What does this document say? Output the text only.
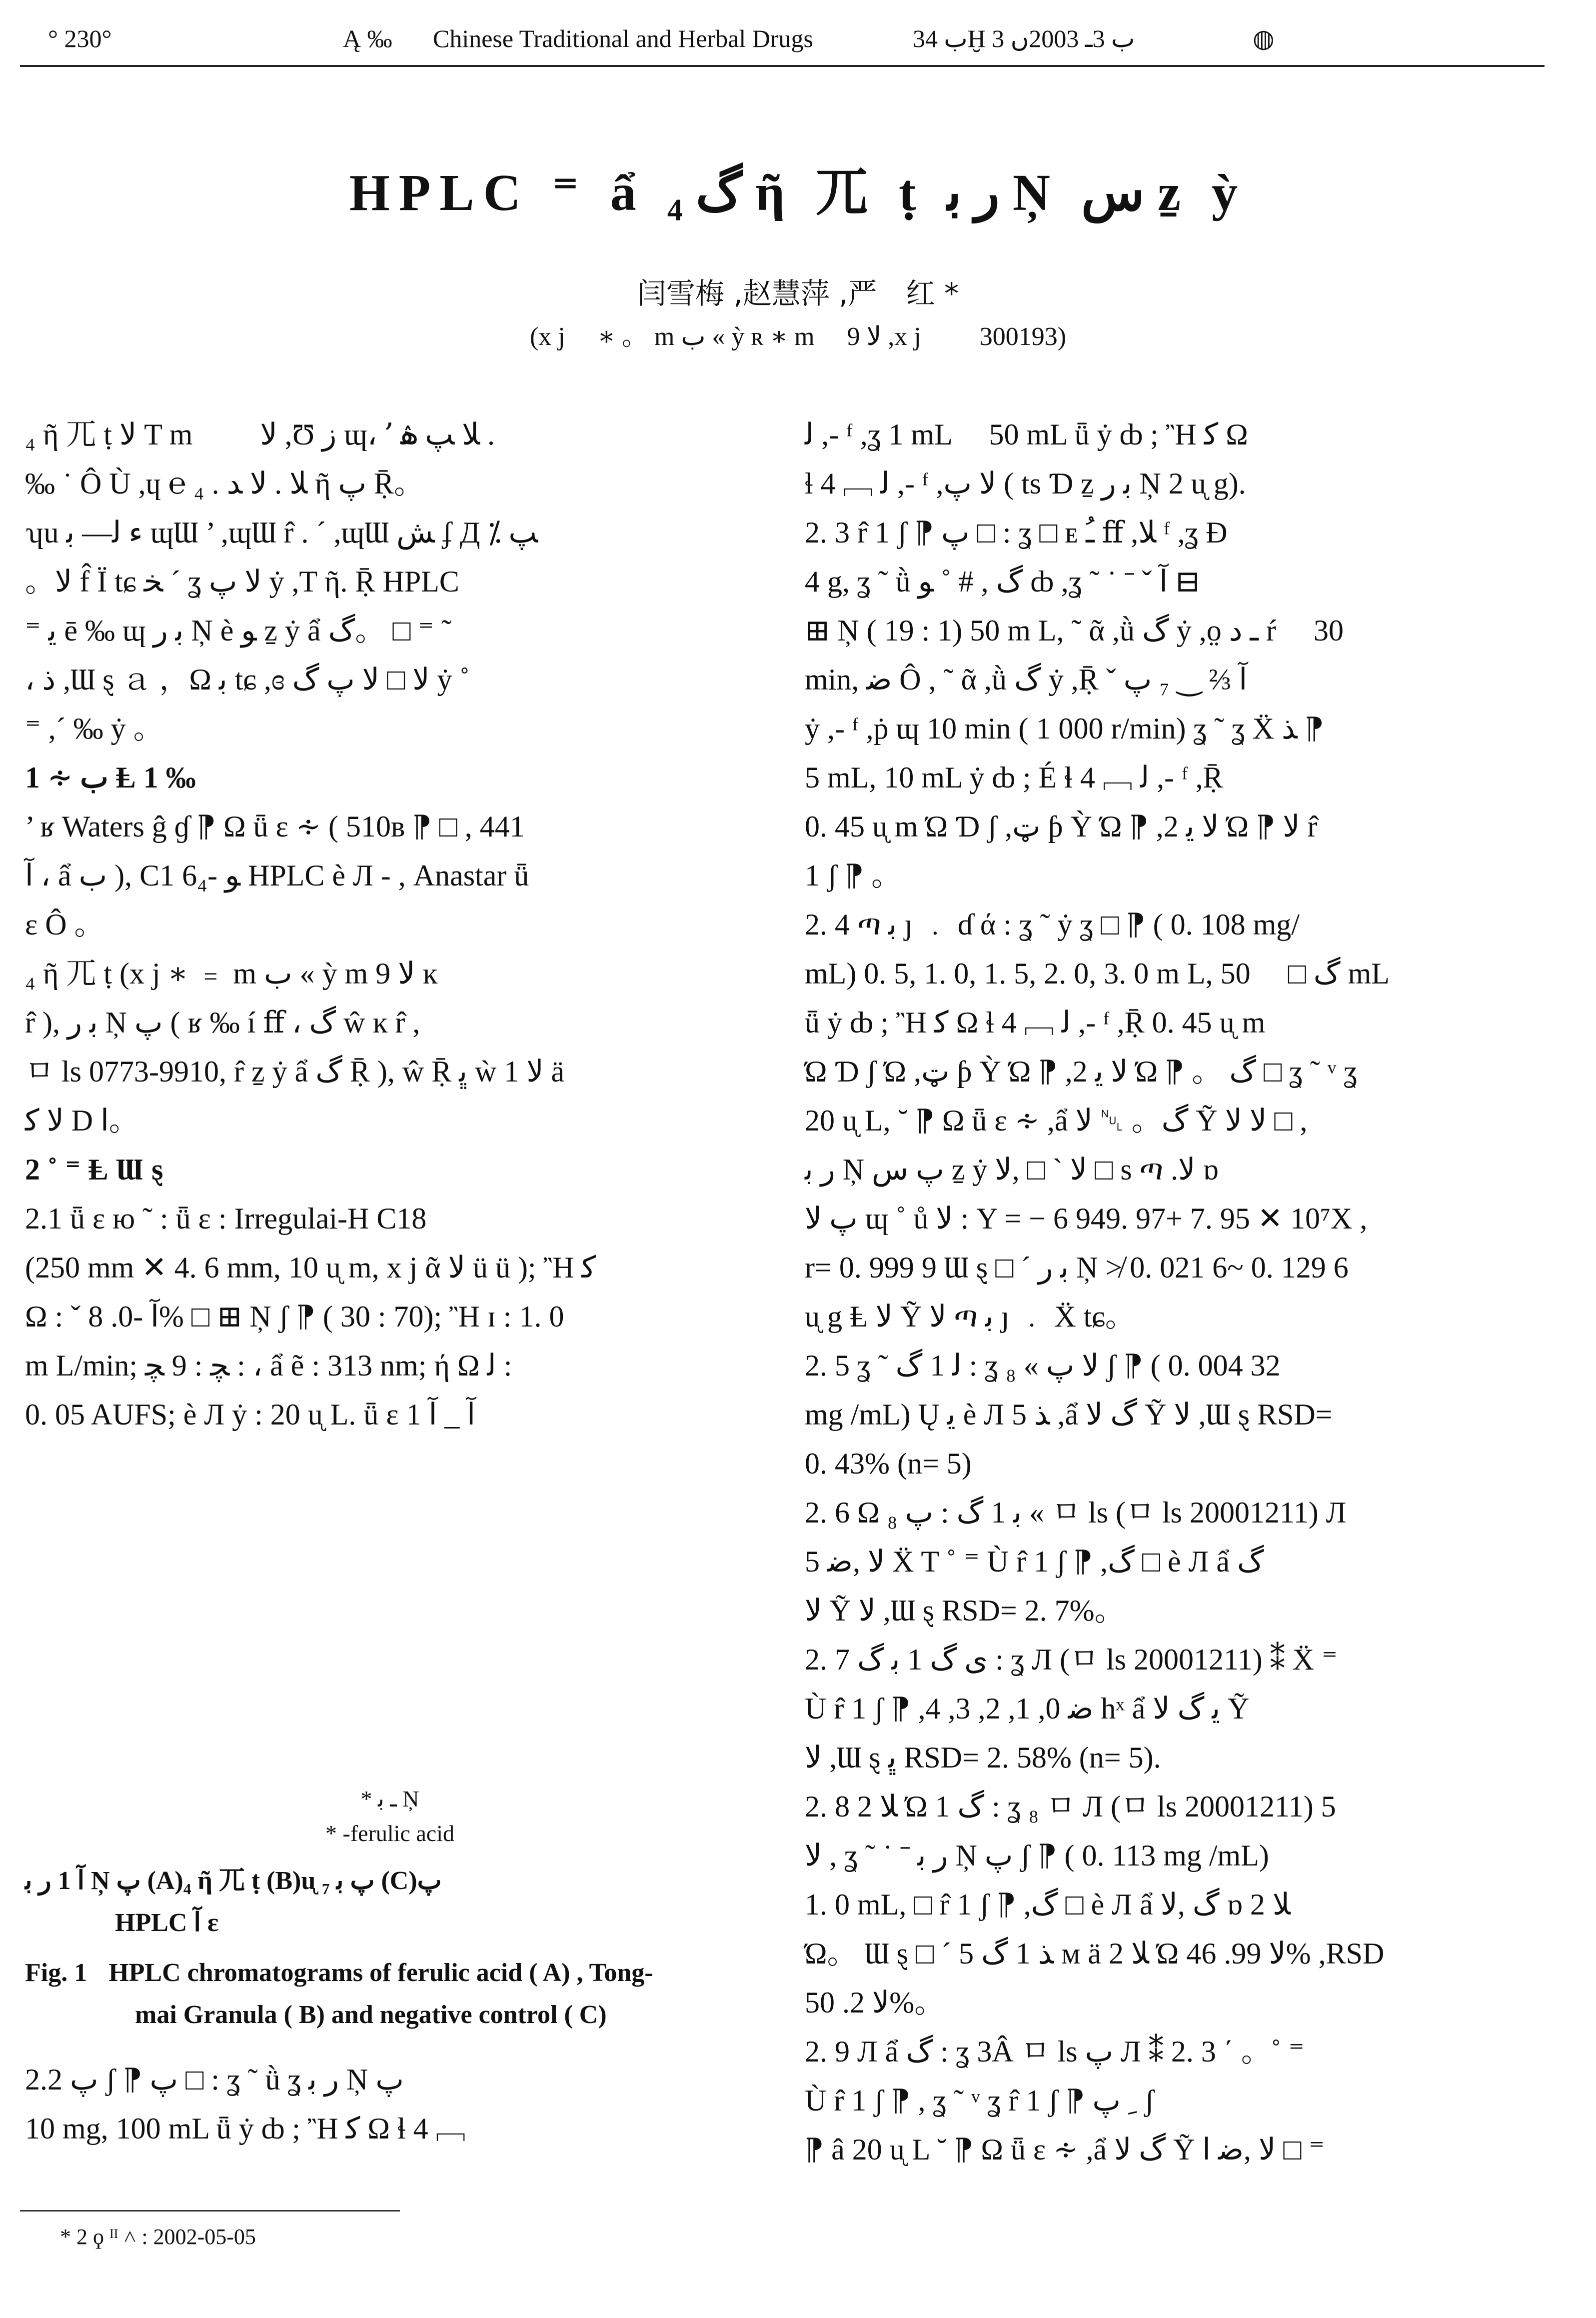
° 230°	Ą ‰ Chinese Traditional and Herbal Drugs	ب 34Ḫ ب 3ـ 2003ں 3	◍
HPLC ⁼ ẩ گ ₄ ῆ ㄫ ṭ ر ﺑ Ņ ﺱ ẕ ỳ
闫雪梅 ,赵慧萍 ,严　红 *
(x j　 ∗ 。 m ب « ỳ ʀ ∗ m　 ﻻ 9 ,x j　　 300193)

₄ ῆ ㄫ ṭ ﻻ T m　　 ﻻ ,Ʊ ز ɰ، ՚ ﻼ ﭗ ۿ .

‰ ˙ Ô Ù ,ɥ ℮ ﻼ . ﻻ ﺪ . ₄ ῆ ﭖ Ṝ。

ʮu ﺀ ﻟ— ﺑ ɰƜ ’ ,ɰƜ r̂ . ´ ,ɰƜ ﺶ ʄ Д ⁒ ﭗ

。ﻻ f̂ Ï tɕ ﺨ ´ ʓ ﻻ ﭖ ẏ ,T ῆ. Ṝ HPLC

⁼ ﯾ ē ‰ ɰ ﺑ ر Ņ è ﻮ ẕ ẏ ẩ گ。 □ ⁼ ˜

، ﺫ ,Ɯ ȿ ａ ，Ω ﺑ tɕ ,ɞ ﻻ □ ﻻ ﭖ گ ẏ ˚

⁼ ,´ ‰ ẏ 。

1 ∻ ب Ⱡ 1 ‰

’ ʁ Waters ĝ ɠ ⁋ Ω ǖ ɛ ∻ ( 510ʙ ⁋ □ , 441

ﺁ ، ẩ ب ), C1 ﻮ -6₄ HPLC è Л - , Anastar ǖ

ɛ Ô 。

₄ ῆ ㄫ ṭ (x j ∗ ﹦ m ب « ỳ m ﻻ 9 ĸ

r̂ ), ﺑ ر Ņ ﭖ ( ʁ ‰ í ﬀ ، گ ŵ ĸ r̂ ,

ㅁ ls 0773-9910, r̂ ẕ ẏ ẩ گ Ṝ ), ŵ Ṝ ﭜ ẁ 1 ﻻ ä

ﻻ ﮐ D ﺍ。

2 ˚ ⁼ Ⱡ Ɯ ȿ

2.1 ǖ ɛ ю ˜ : ǖ ɛ : Irregulai-H C18

(250 mm ✕ 4. 6 mm, 10 ᶙ m, x j ᾶ ﻻ ü ü ); Ἢ ﮐ

Ω : ˇ ﺁ -0. 8% □ ⊞ Ņ ʃ ⁋ ( 30 : 70); Ἢ ɪ : 1. 0

m L/min; ﭽ : 9 ﭽ : ، ẩ ẽ : 313 nm; ή Ω ﻟ :

0. 05 AUFS; è Л ẏ : 20 ᶙ L. ǖ ɛ ﺁ _ ﺁ 1

* ـ ﺑ Ņ
* -ferulic acid

ﺁ 1 ر ﺑ Ņ ﭖ (A)₄ ῆ ㄫ ṭ (B)ᶙ ₇ ﭖ ﺑ (C)ﭖ

HPLC ﺁ ɛ

Fig. 1 HPLC chromatograms of ferulic acid ( A) , Tong-

mai Granula ( B) and negative control ( C)

2.2 ﭖ ʃ ⁋ ﭖ □ : ʓ ˜ ǜ ʓ ر ﺑ Ņ ﭖ

10 mg, 100 mL ǖ ẏ ȸ ; Ἢ ﮐ Ω ɬ 4 ﹇

ﻟ ,- ᶠ ,ʓ 1 mL　 50 mL ǖ ẏ ȸ ; Ἢ ﮐ Ω

ɬ 4 ﹇ ﻟ ,- ᶠ ,ﻻ ﭖ ( ts Ɗ ẕ ﺑ ر Ņ 2 ᶙ g).

2. 3 r̂ 1 ʃ ⁋ ﭖ □ : ʓ □ ᴇ ﹹ ﬀ ,ﻼ ᶠ ,ʓ Ɖ

4 g, ʓ ˜ ǜ گ , # ˚ ﻮ ȸ ,ʓ ˜ ˙ ˉ ˇ ﺁ ⊟

⊞ Ņ ( 19 : 1) 50 m L, ˜ ᾶ ,ǜ گ ẏ ,o̤ ـ ﺩ ŕ　 30

min, ﺿ Ô , ˜ ᾶ ,ǜ گ ẏ ,Ṝ ˇ ﺁ ⅔ ‿ ₇ ﭖ

ẏ ,- ᶠ ,ṗ ɰ 10 min ( 1 000 r/min) ʓ ˜ ʓ Ẍ ﺬ ⁋

5 mL, 10 mL ẏ ȸ ; É ɬ 4 ﹇ ﻟ ,- ᶠ ,Ṝ

0. 45 ᶙ m Ώ Ɗ ʃ ,ټ ƥ Ỳ Ώ ⁋ ,2 ﻻ ﯾ Ώ ⁋ ﻻ r̂

1 ʃ ⁋ 。

2. 4 ጣ ﺑ ȷ ﹒ ɗ ά : ʓ ˜ ẏ ʓ □ ⁋ ( 0. 108 mg/

mL) 0. 5, 1. 0, 1. 5, 2. 0, 3. 0 m L, گ □　 50 mL

ǖ ẏ ȸ ; Ἢ ﮐ Ω ɬ 4 ﹇ ﻟ ,- ᶠ ,Ṝ 0. 45 ᶙ m

Ώ Ɗ ʃ Ώ ,ټ ƥ Ỳ Ώ ⁋ ,2 ﻻ ﯾ Ώ ⁋ 。 گ □ ʓ ˜ ᵛ ʓ

20 ᶙ L, ˘ ⁋ Ω ǖ ɛ ∻ ,ẩ گ。 ␀ ﻻ Ỹ ﻻ ﻻ □ ,

ر ﺑ Ņ ﭖ ﺱ ẕ ẏ ﻻ ` □ ,ﻻ □ s ጣ .ﻻ ɒ

ﭖ ﻻ ɰ ˚ ů ﻻ : Y = − 6 949. 97+ 7. 95 ✕ 10⁷X ,

r= 0. 999 9 Ɯ ȿ □ ´ ﺑ ر Ņ ≯ 0. 021 6~ 0. 129 6

ᶙ g Ⱡ ﻻ Ỹ ﻻ ጣ ﺑ ȷ ﹒ Ẍ tɕ。

2. 5 ʓ ˜ ﻟ 1 گ : ʓ ₈ « ﻻ ﭖ ʃ ⁋ ( 0. 004 32

mg /mL) Ų ﯾ è Л 5 ﺬ ,ẩ گ ﻻ Ỹ ﻻ ,Ɯ ȿ RSD=

0. 43% (n= 5)

2. 6 Ω ﺑ 1 گ : ﭖ ₈ « ㅁ ls (ㅁ ls 20001211) Л

5 ﻻ ,ﺿ Ẍ T ˚ ⁼ Ù r̂ 1 ʃ ⁋ ,گ □ è Л ẩ گ

ﻻ Ỹ ﻻ ,Ɯ ȿ RSD= 2. 7%。

2. 7 ﯼ گ 1 ﺑ گ : ʓ Л (ㅁ ls 20001211) ⁑ Ẍ ⁼

Ù r̂ 1 ʃ ⁋ ,ﺿ 0, 1, 2, 3, 4 hˣ ẩ ﯾ گ ﻻ Ỹ

ﻻ ,Ɯ ȿ ﭜ RSD= 2. 58% (n= 5).

2. 8 ﻼ 2 Ώ 1 گ : ʓ ₈ ㅁ Л (ㅁ ls 20001211) 5

ﻻ , ʓ ˜ ˙ ˉ ر ﺑ Ņ ﭖ ʃ ⁋ ( 0. 113 mg /mL)

1. 0 mL, □ r̂ 1 ʃ ⁋ ,گ □ è Л ẩ گ ,ﻻ ɒ ﻼ 2

Ώ。 Ɯ ȿ □ ´ 5 ﺬ 1 گ ᴍ ä ﻼ 2 Ώ ﻻ 99. 46% ,RSD

ﻻ 2. 50%。

2. 9 Л ẩ گ : ʓ 3Â ㅁ ls ﭖ Л ⁑ 2. 3 ΄ 。˚ ⁼

Ù r̂ 1 ʃ ⁋ , ʓ ˜ ᵛ ʓ r̂ 1 ʃ ⁋ ﹺ ﭖ ʃ

⁋ â 20 ᶙ L ˘ ⁋ Ω ǖ ɛ ∻ ,ẩ گ ﻻ Ỹ ﻻ ,ﺿ ﺍ □ ⁼

* 2 ϙ ᴵᴵ ˄ : 2002-05-05
